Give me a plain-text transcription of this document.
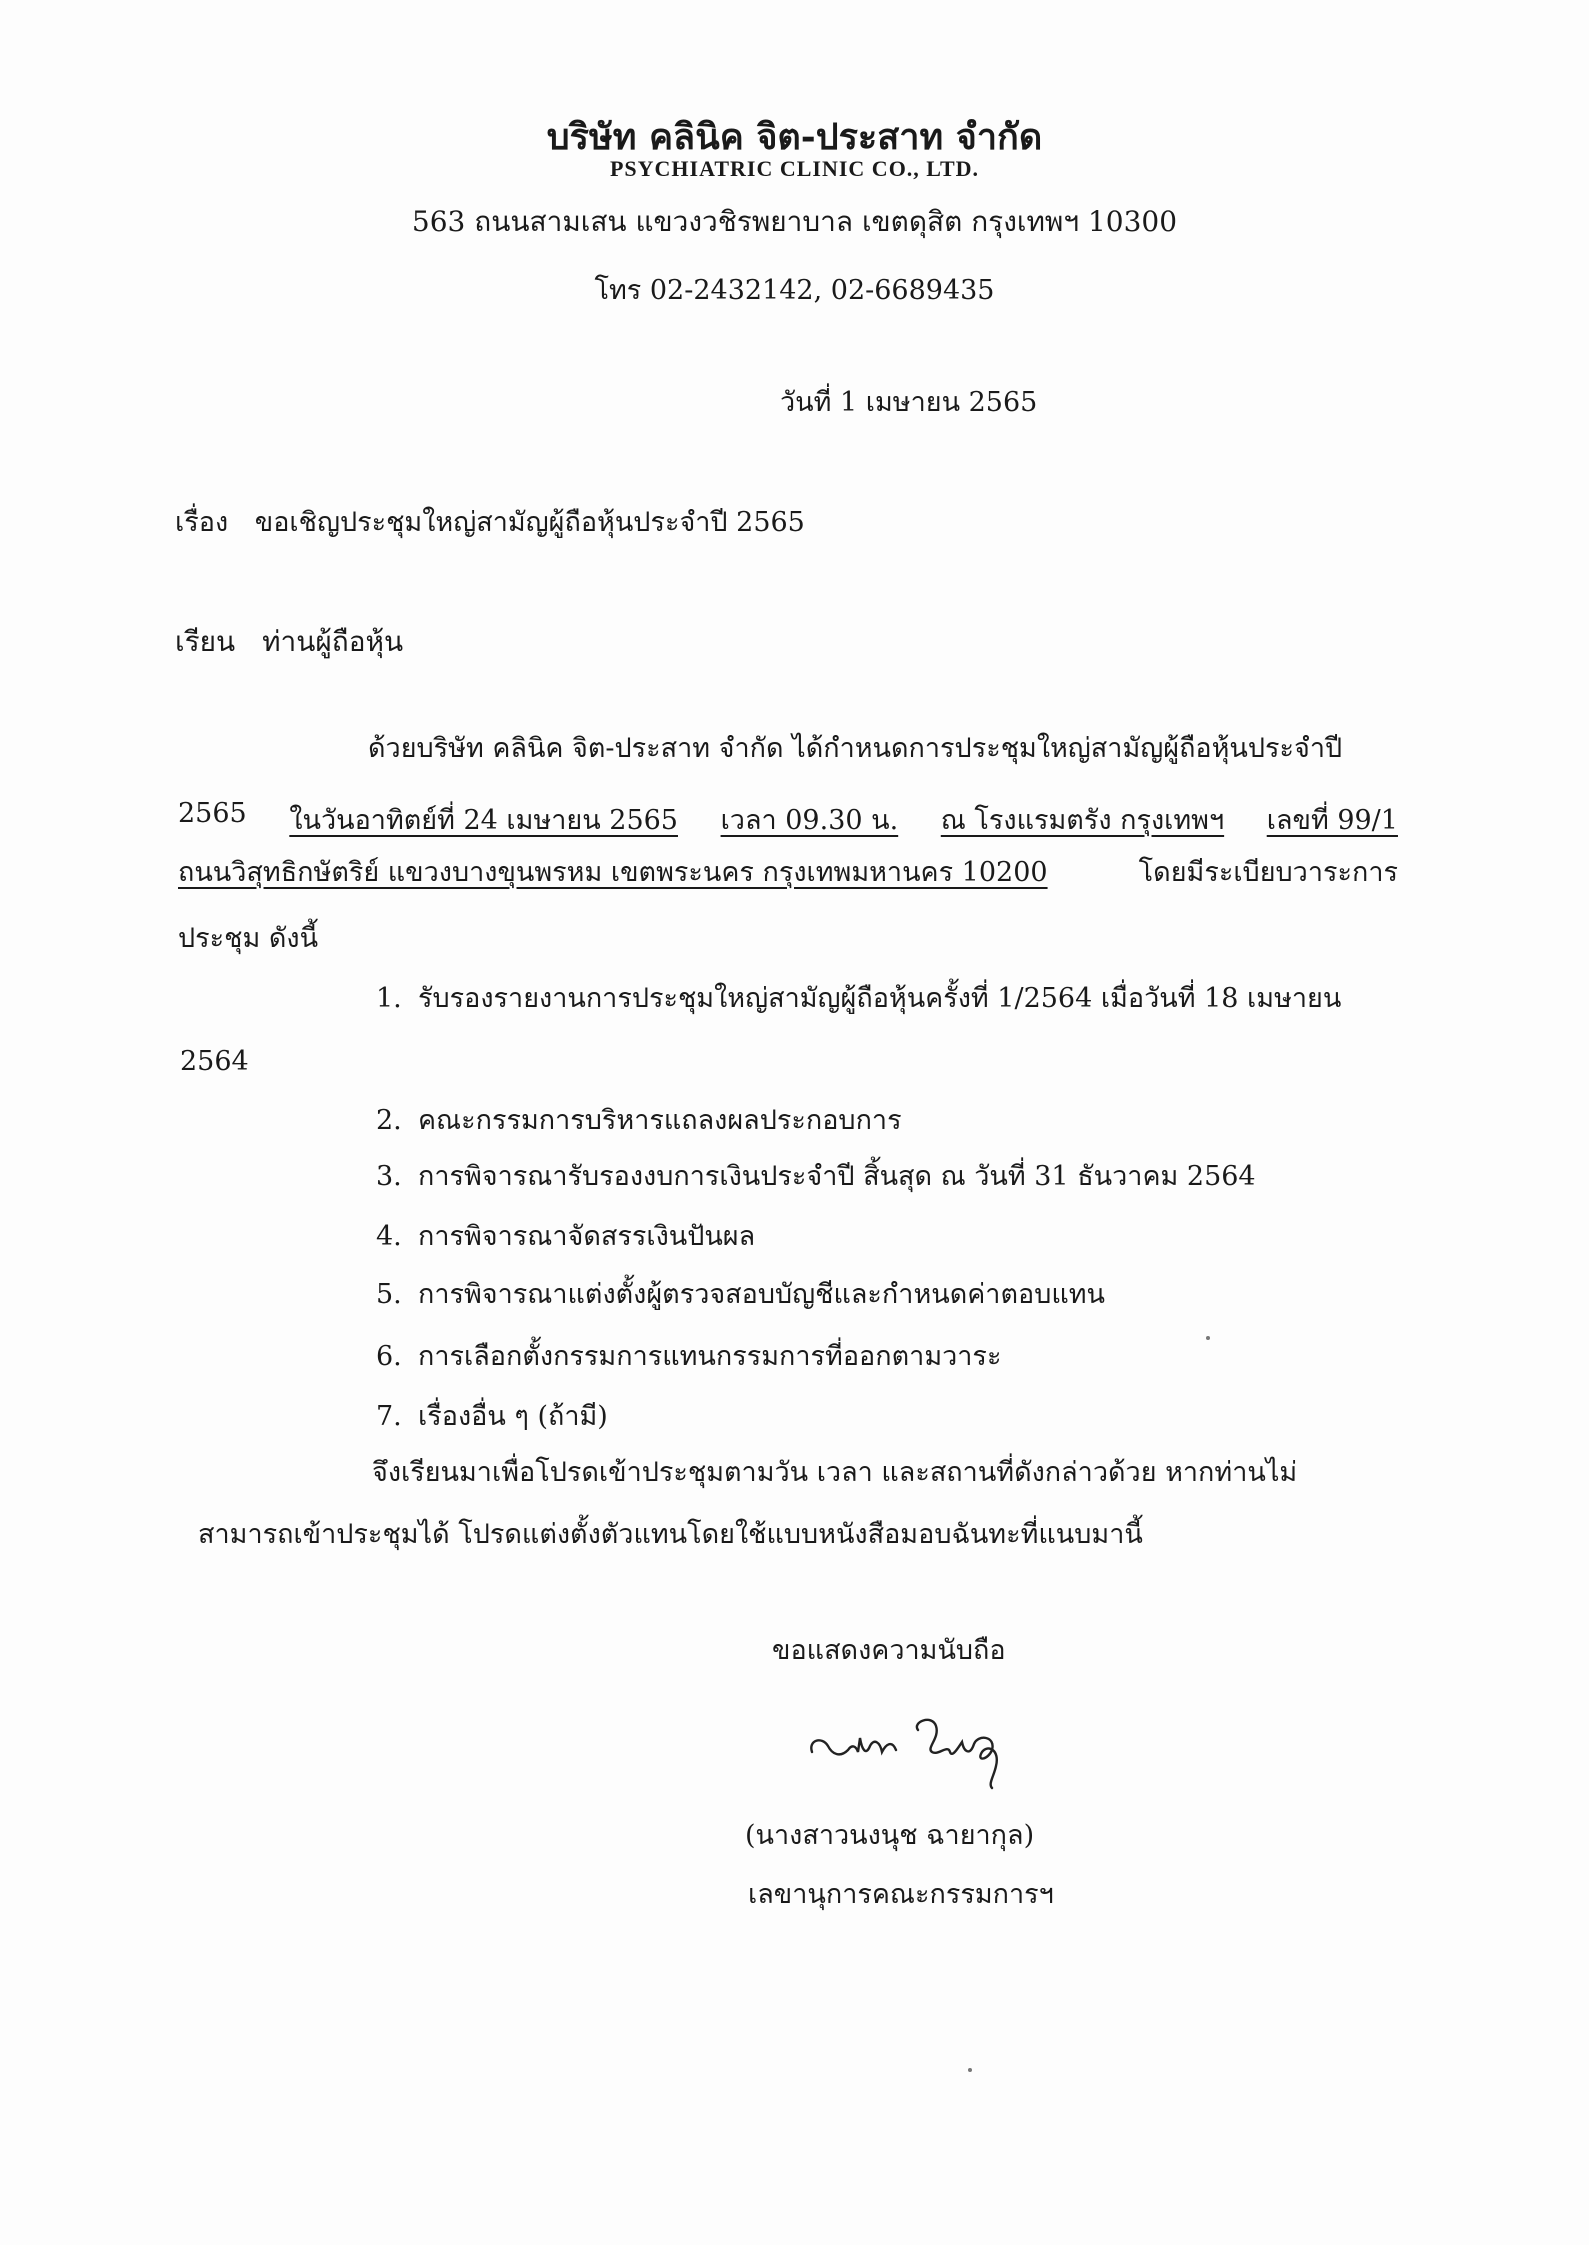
บริษัท คลินิค จิต-ประสาท จำกัด
PSYCHIATRIC CLINIC CO., LTD.
563 ถนนสามเสน แขวงวชิรพยาบาล เขตดุสิต กรุงเทพฯ 10300
โทร 02-2432142, 02-6689435
วันที่ 1 เมษายน 2565
เรื่อง ขอเชิญประชุมใหญ่สามัญผู้ถือหุ้นประจำปี 2565
เรียน ท่านผู้ถือหุ้น
ด้วยบริษัท คลินิค จิต-ประสาท จำกัด ได้กำหนดการประชุมใหญ่สามัญผู้ถือหุ้นประจำปี
2565 ในวันอาทิตย์ที่ 24 เมษายน 2565 เวลา 09.30 น. ณ โรงแรมตรัง กรุงเทพฯ เลขที่ 99/1
ถนนวิสุทธิกษัตริย์ แขวงบางขุนพรหม เขตพระนคร กรุงเทพมหานคร 10200	โดยมีระเบียบวาระการ
ประชุม ดังนี้
1. รับรองรายงานการประชุมใหญ่สามัญผู้ถือหุ้นครั้งที่ 1/2564 เมื่อวันที่ 18 เมษายน
2564
2. คณะกรรมการบริหารแถลงผลประกอบการ
3. การพิจารณารับรองงบการเงินประจำปี สิ้นสุด ณ วันที่ 31 ธันวาคม 2564
4. การพิจารณาจัดสรรเงินปันผล
5. การพิจารณาแต่งตั้งผู้ตรวจสอบบัญชีและกำหนดค่าตอบแทน
6. การเลือกตั้งกรรมการแทนกรรมการที่ออกตามวาระ
7. เรื่องอื่น ๆ (ถ้ามี)
จึงเรียนมาเพื่อโปรดเข้าประชุมตามวัน เวลา และสถานที่ดังกล่าวด้วย หากท่านไม่
สามารถเข้าประชุมได้ โปรดแต่งตั้งตัวแทนโดยใช้แบบหนังสือมอบฉันทะที่แนบมานี้
ขอแสดงความนับถือ
(นางสาวนงนุช ฉายากุล)
เลขานุการคณะกรรมการฯ
